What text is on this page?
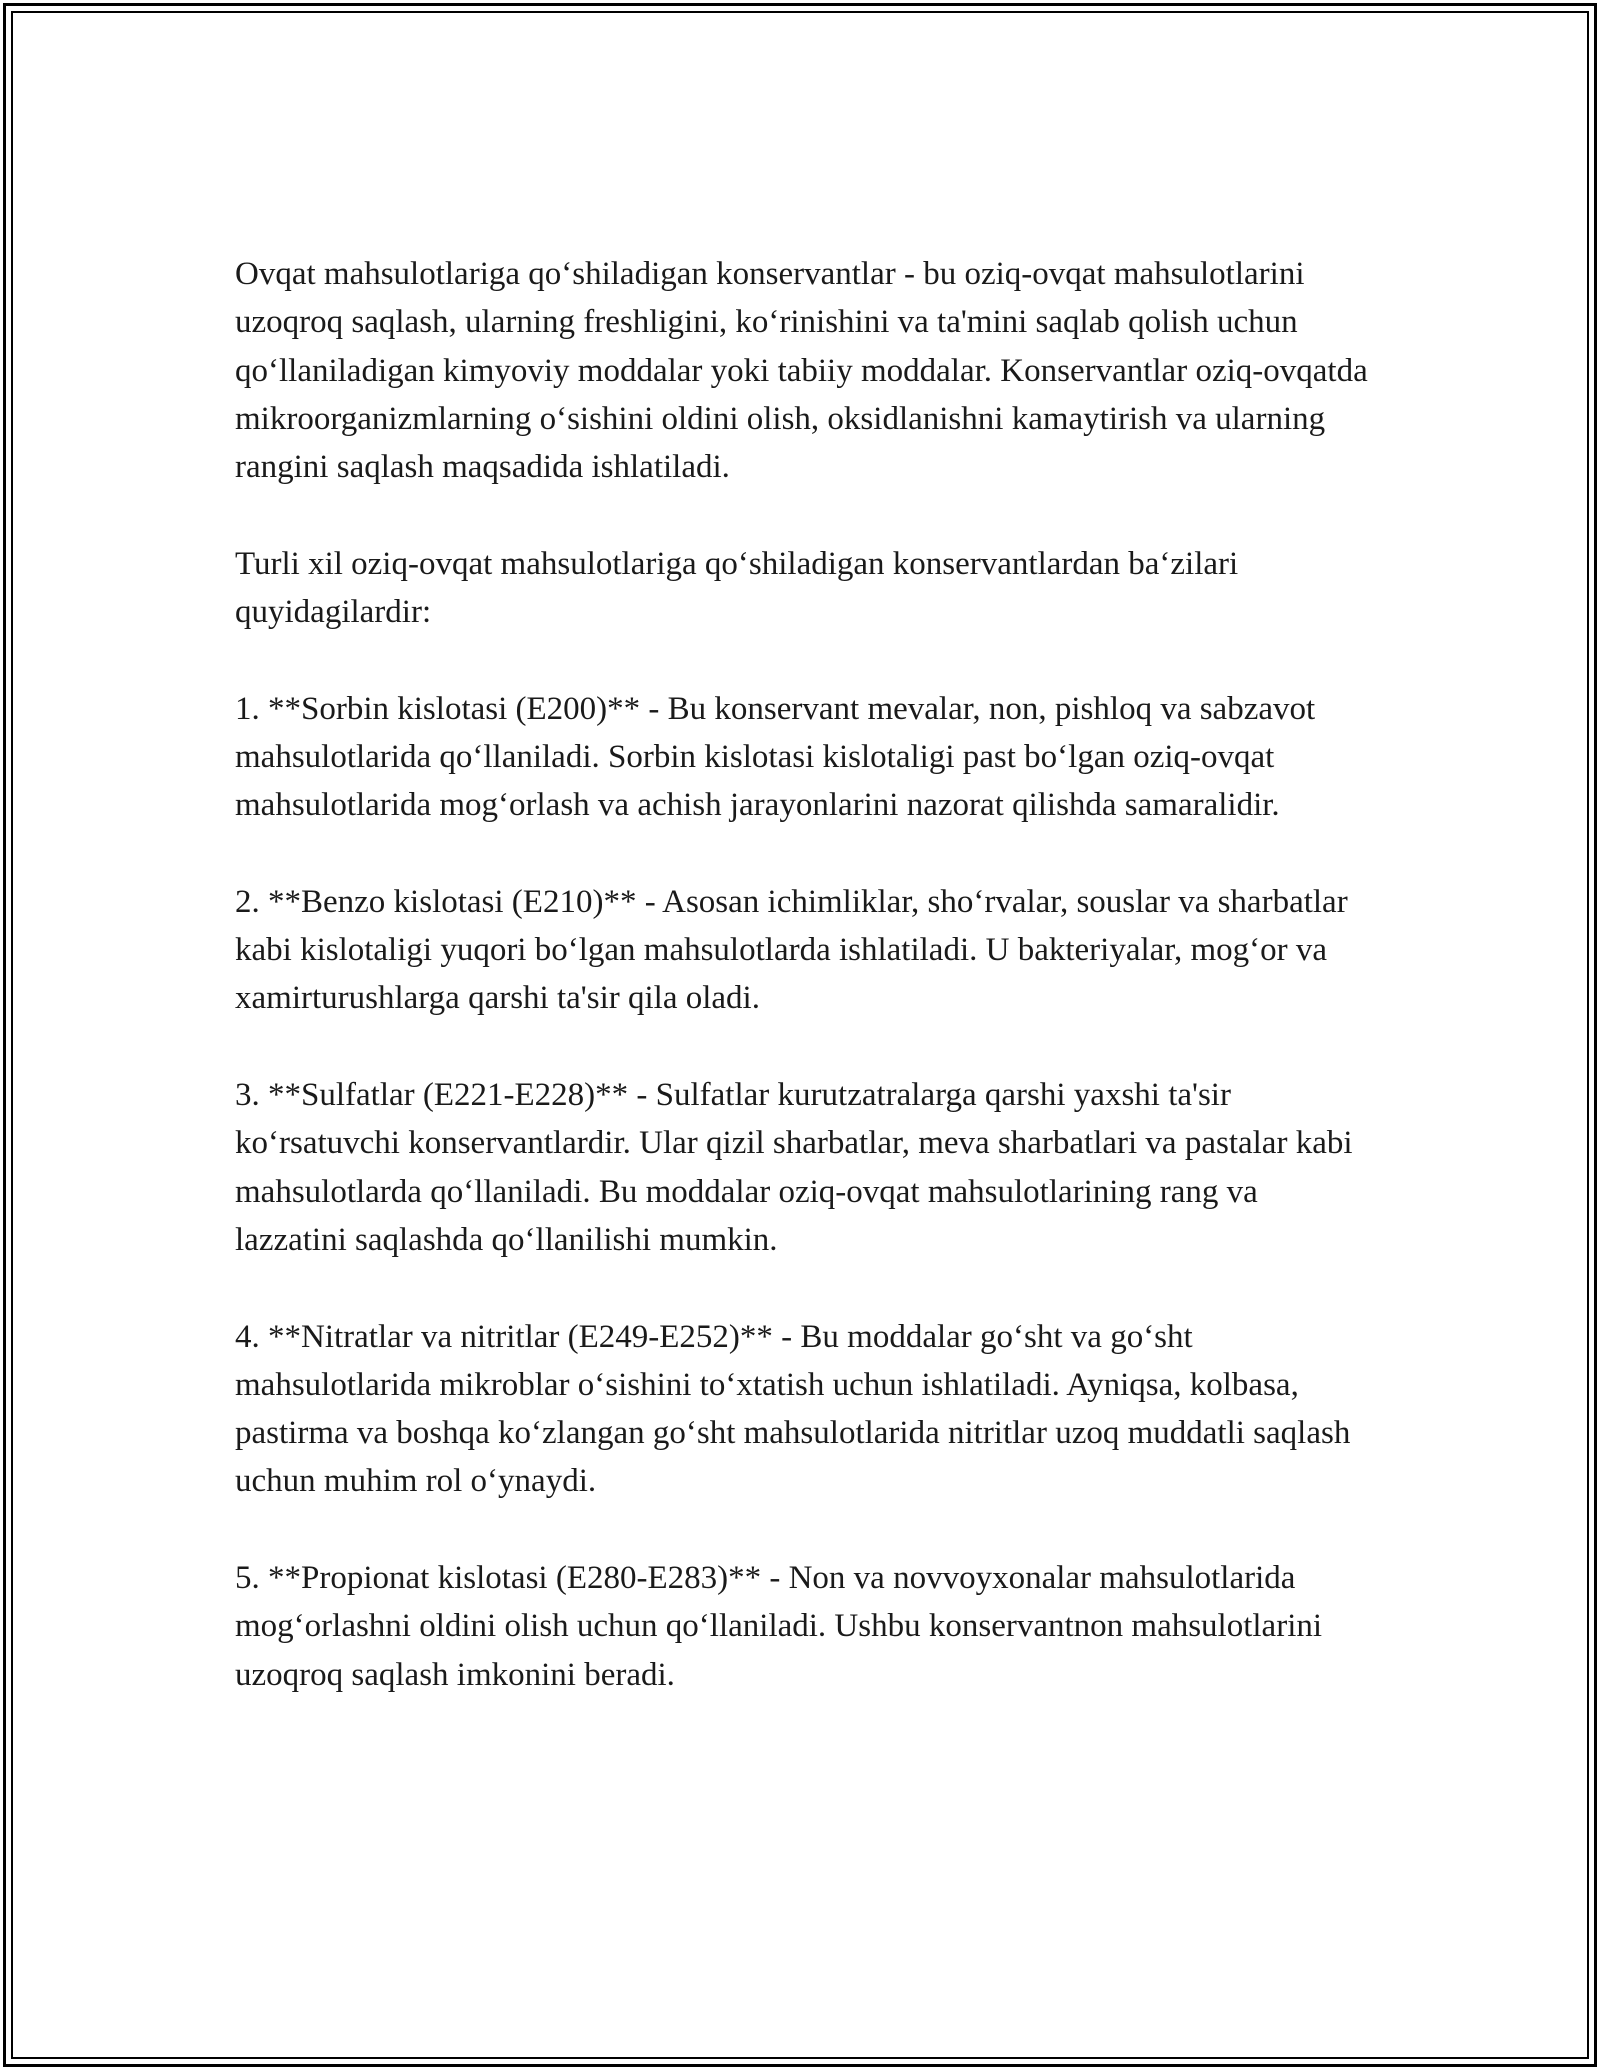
Ovqat mahsulotlariga qo‘shiladigan konservantlar - bu oziq-ovqat mahsulotlarini uzoqroq saqlash, ularning freshligini, ko‘rinishini va ta'mini saqlab qolish uchun qo‘llaniladigan kimyoviy moddalar yoki tabiiy moddalar. Konservantlar oziq-ovqatda mikroorganizmlarning o‘sishini oldini olish, oksidlanishni kamaytirish va ularning rangini saqlash maqsadida ishlatiladi.

Turli xil oziq-ovqat mahsulotlariga qo‘shiladigan konservantlardan ba‘zilari quyidagilardir:

1. **Sorbin kislotasi (E200)** - Bu konservant mevalar, non, pishloq va sabzavot mahsulotlarida qo‘llaniladi. Sorbin kislotasi kislotaligi past bo‘lgan oziq-ovqat mahsulotlarida mog‘orlash va achish jarayonlarini nazorat qilishda samaralidir.

2. **Benzo kislotasi (E210)** - Asosan ichimliklar, sho‘rvalar, souslar va sharbatlar kabi kislotaligi yuqori bo‘lgan mahsulotlarda ishlatiladi. U bakteriyalar, mog‘or va xamirturushlarga qarshi ta'sir qila oladi.

3. **Sulfatlar (E221-E228)** - Sulfatlar kurutzatralarga qarshi yaxshi ta'sir ko‘rsatuvchi konservantlardir. Ular qizil sharbatlar, meva sharbatlari va pastalar kabi mahsulotlarda qo‘llaniladi. Bu moddalar oziq-ovqat mahsulotlarining rang va lazzatini saqlashda qo‘llanilishi mumkin.

4. **Nitratlar va nitritlar (E249-E252)** - Bu moddalar go‘sht va go‘sht mahsulotlarida mikroblar o‘sishini to‘xtatish uchun ishlatiladi. Ayniqsa, kolbasa, pastirma va boshqa ko‘zlangan go‘sht mahsulotlarida nitritlar uzoq muddatli saqlash uchun muhim rol o‘ynaydi.

5. **Propionat kislotasi (E280-E283)** - Non va novvoyxonalar mahsulotlarida mog‘orlashni oldini olish uchun qo‘llaniladi. Ushbu konservantnon mahsulotlarini uzoqroq saqlash imkonini beradi.
